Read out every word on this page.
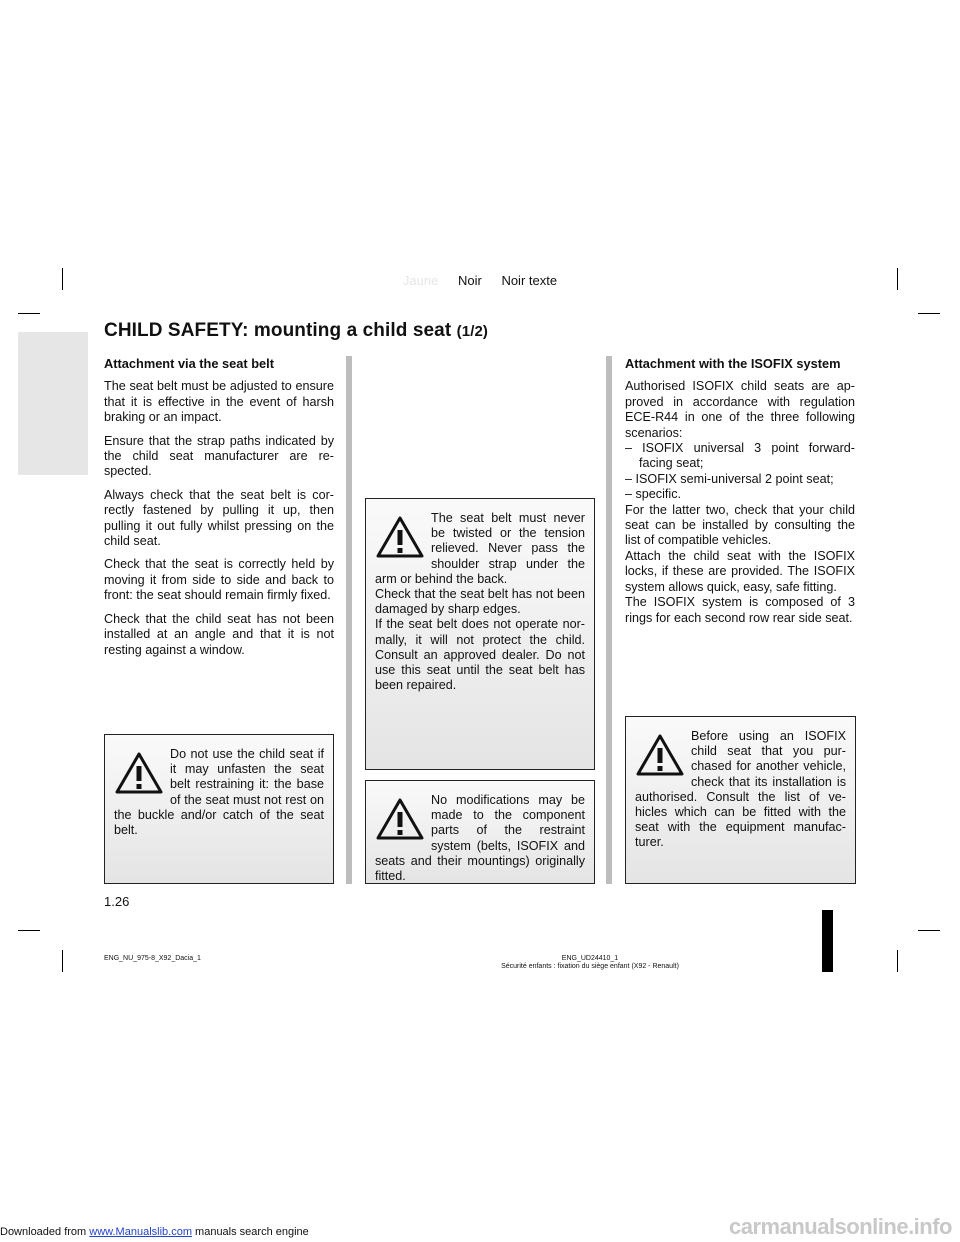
Jaune Noir Noir texte
CHILD SAFETY: mounting a child seat (1/2)
Attachment via the seat belt

The seat belt must be adjusted to ensure that it is effective in the event of harsh braking or an impact.

Ensure that the strap paths indicated by the child seat manufacturer are re-spected.

Always check that the seat belt is cor-rectly fastened by pulling it up, then pulling it out fully whilst pressing on the child seat.

Check that the seat is correctly held by moving it from side to side and back to front: the seat should remain firmly fixed.

Check that the child seat has not been installed at an angle and that it is not resting against a window.

Do not use the child seat if it may unfasten the seat belt restraining it: the base of the seat must not rest on the buckle and/or catch of the seat belt.

The seat belt must never be twisted or the tension relieved. Never pass the shoulder strap under the arm or behind the back.

Check that the seat belt has not been damaged by sharp edges.

If the seat belt does not operate nor-mally, it will not protect the child. Consult an approved dealer. Do not use this seat until the seat belt has been repaired.

No modifications may be made to the component parts of the restraint system (belts, ISOFIX and seats and their mountings) originally fitted.

Attachment with the ISOFIX system
Authorised ISOFIX child seats are ap-proved in accordance with regulation ECE-R44 in one of the three following scenarios:
– ISOFIX universal 3 point forward-facing seat;
– ISOFIX semi-universal 2 point seat;
– specific.
For the latter two, check that your child seat can be installed by consulting the list of compatible vehicles.
Attach the child seat with the ISOFIX locks, if these are provided. The ISOFIX system allows quick, easy, safe fitting.
The ISOFIX system is composed of 3 rings for each second row rear side seat.

Before using an ISOFIX child seat that you pur-chased for another vehicle, check that its installation is authorised. Consult the list of ve-hicles which can be fitted with the seat with the equipment manufac-turer.

1.26
ENG_NU_975-8_X92_Dacia_1	ENG_UD24410_1
Sécurité enfants : fixation du siège enfant (X92 - Renault)
Downloaded from www.Manualslib.com manuals search engine	carmanualsonline.info
